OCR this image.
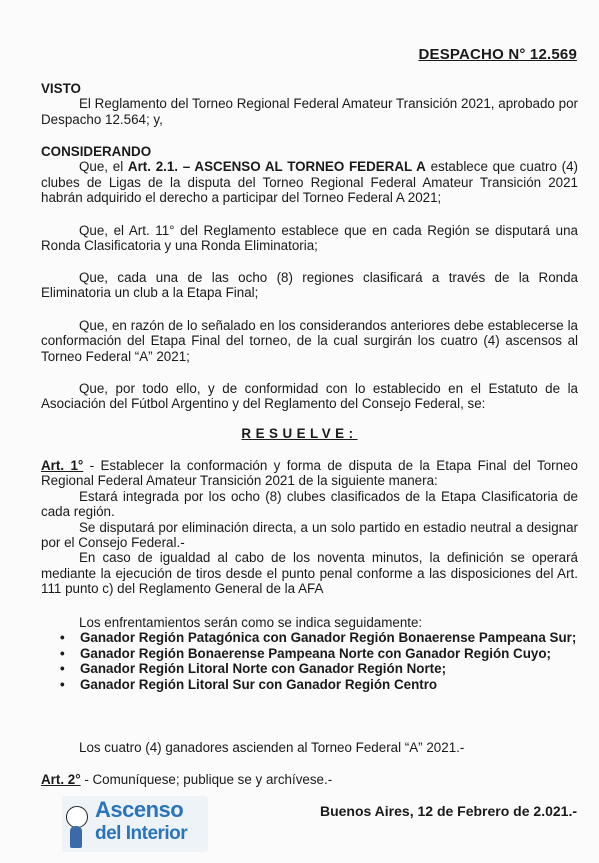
DESPACHO N° 12.569
VISTO
El Reglamento del Torneo Regional Federal Amateur Transición 2021, aprobado por Despacho 12.564; y,
CONSIDERANDO
Que, el Art. 2.1. – ASCENSO AL TORNEO FEDERAL A establece que cuatro (4) clubes de Ligas de la disputa del Torneo Regional Federal Amateur Transición 2021 habrán adquirido el derecho a participar del Torneo Federal A 2021;
Que, el Art. 11° del Reglamento establece que en cada Región se disputará una Ronda Clasificatoria y una Ronda Eliminatoria;
Que, cada una de las ocho (8) regiones clasificará a través de la Ronda Eliminatoria un club a la Etapa Final;
Que, en razón de lo señalado en los considerandos anteriores debe establecerse la conformación del Etapa Final del torneo, de la cual surgirán los cuatro (4) ascensos al Torneo Federal “A” 2021;
Que, por todo ello, y de conformidad con lo establecido en el Estatuto de la Asociación del Fútbol Argentino y del Reglamento del Consejo Federal, se:
RESUELVE:
Art. 1° - Establecer la conformación y forma de disputa de la Etapa Final del Torneo Regional Federal Amateur Transición 2021 de la siguiente manera:
Estará integrada por los ocho (8) clubes clasificados de la Etapa Clasificatoria de cada región.
Se disputará por eliminación directa, a un solo partido en estadio neutral a designar por el Consejo Federal.-
En caso de igualdad al cabo de los noventa minutos, la definición se operará mediante la ejecución de tiros desde el punto penal conforme a las disposiciones del Art. 111 punto c) del Reglamento General de la AFA
Los enfrentamientos serán como se indica seguidamente:
• Ganador Región Patagónica con Ganador Región Bonaerense Pampeana Sur;
• Ganador Región Bonaerense Pampeana Norte con Ganador Región Cuyo;
• Ganador Región Litoral Norte con Ganador Región Norte;
• Ganador Región Litoral Sur con Ganador Región Centro
Los cuatro (4) ganadores ascienden al Torneo Federal “A” 2021.-
Art. 2° - Comuníquese; publique se y archívese.-
Ascenso
del Interior
Buenos Aires, 12 de Febrero de 2.021.-
